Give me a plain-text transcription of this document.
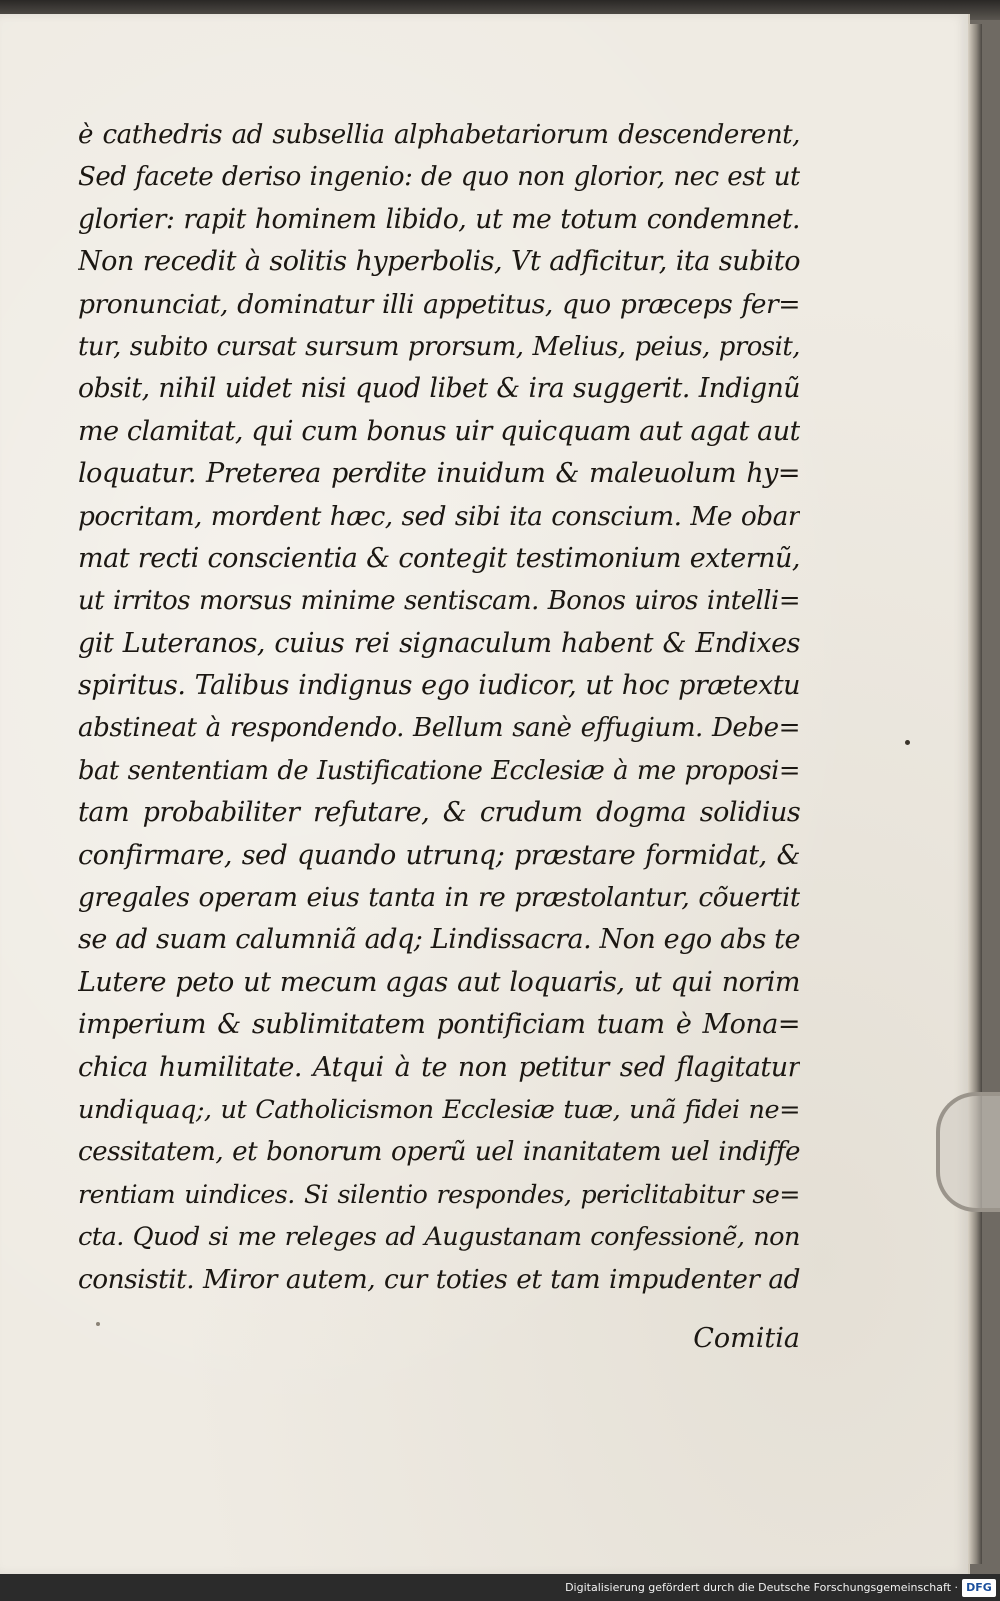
è cathedris ad subsellia alphabetariorum descenderent,
Sed facete deriso ingenio: de quo non glorior, nec est ut
glorier: rapit hominem libido, ut me totum condemnet.
Non recedit à solitis hyperbolis, Vt adficitur, ita subito
pronunciat, dominatur illi appetitus, quo præceps fer=
tur, subito cursat sursum prorsum, Melius, peius, prosit,
obsit, nihil uidet nisi quod libet & ira suggerit. Indignũ
me clamitat, qui cum bonus uir quicquam aut agat aut
loquatur. Preterea perdite inuidum & maleuolum hy=
pocritam, mordent hæc, sed sibi ita conscium. Me obar
mat recti conscientia & contegit testimonium externũ,
ut irritos morsus minime sentiscam. Bonos uiros intelli=
git Luteranos, cuius rei signaculum habent & Endixes
spiritus. Talibus indignus ego iudicor, ut hoc prætextu
abstineat à respondendo. Bellum sanè effugium. Debe=
bat sententiam de Iustificatione Ecclesiæ à me proposi=
tam probabiliter refutare, & crudum dogma solidius
confirmare, sed quando utrunq; præstare formidat, &
gregales operam eius tanta in re præstolantur, cõuertit
se ad suam calumniã adq; Lindissacra. Non ego abs te
Lutere peto ut mecum agas aut loquaris, ut qui norim
imperium & sublimitatem pontificiam tuam è Mona=
chica humilitate. Atqui à te non petitur sed flagitatur
undiquaq;, ut Catholicismon Ecclesiæ tuæ, unã fidei ne=
cessitatem, et bonorum operũ uel inanitatem uel indiffe
rentiam uindices. Si silentio respondes, periclitabitur se=
cta. Quod si me releges ad Augustanam confessionẽ, non
consistit. Miror autem, cur toties et tam impudenter ad
Comitia
Digitalisierung gefördert durch die Deutsche Forschungsgemeinschaft · DFG
